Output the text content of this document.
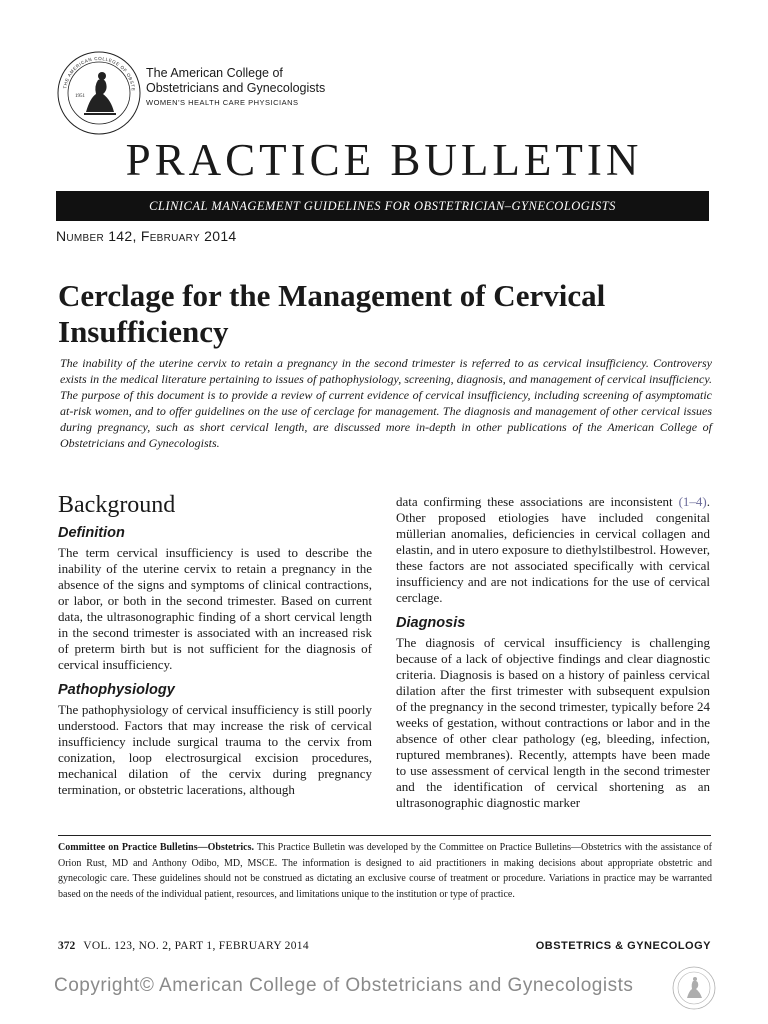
1951
THE AMERICAN COLLEGE OF OBSTE
The American College of
Obstetricians and Gynecologists
WOMEN'S HEALTH CARE PHYSICIANS
PRACTICE BULLETIN
CLINICAL MANAGEMENT GUIDELINES FOR OBSTETRICIAN–GYNECOLOGISTS
Number 142, February 2014
Cerclage for the Management of Cervical Insufficiency

The inability of the uterine cervix to retain a pregnancy in the second trimester is referred to as cervical insufficiency. Controversy exists in the medical literature pertaining to issues of pathophysiology, screening, diagnosis, and management of cervical insufficiency. The purpose of this document is to provide a review of current evidence of cervical insufficiency, including screening of asymptomatic at-risk women, and to offer guidelines on the use of cerclage for management. The diagnosis and management of other cervical issues during pregnancy, such as short cervical length, are discussed more in-depth in other publications of the American College of Obstetricians and Gynecologists.

Background
Definition

The term cervical insufficiency is used to describe the inability of the uterine cervix to retain a pregnancy in the absence of the signs and symptoms of clinical contractions, or labor, or both in the second trimester. Based on current data, the ultrasonographic finding of a short cervical length in the second trimester is associated with an increased risk of preterm birth but is not sufficient for the diagnosis of cervical insufficiency.

Pathophysiology

The pathophysiology of cervical insufficiency is still poorly understood. Factors that may increase the risk of cervical insufficiency include surgical trauma to the cervix from conization, loop electrosurgical excision procedures, mechanical dilation of the cervix during pregnancy termination, or obstetric lacerations, although

data confirming these associations are inconsistent (1–4). Other proposed etiologies have included congenital müllerian anomalies, deficiencies in cervical collagen and elastin, and in utero exposure to diethylstilbestrol. However, these factors are not associated specifically with cervical insufficiency and are not indications for the use of cervical cerclage.

Diagnosis

The diagnosis of cervical insufficiency is challenging because of a lack of objective findings and clear diagnostic criteria. Diagnosis is based on a history of painless cervical dilation after the first trimester with subsequent expulsion of the pregnancy in the second trimester, typically before 24 weeks of gestation, without contractions or labor and in the absence of other clear pathology (eg, bleeding, infection, ruptured membranes). Recently, attempts have been made to use assessment of cervical length in the second trimester and the identification of cervical shortening as an ultrasonographic diagnostic marker

Committee on Practice Bulletins—Obstetrics. This Practice Bulletin was developed by the Committee on Practice Bulletins—Obstetrics with the assistance of Orion Rust, MD and Anthony Odibo, MD, MSCE. The information is designed to aid practitioners in making decisions about appropriate obstetric and gynecologic care. These guidelines should not be construed as dictating an exclusive course of treatment or procedure. Variations in practice may be warranted based on the needs of the individual patient, resources, and limitations unique to the institution or type of practice.

372 VOL. 123, NO. 2, PART 1, FEBRUARY 2014	OBSTETRICS & GYNECOLOGY
Copyright© American College of Obstetricians and Gynecologists
